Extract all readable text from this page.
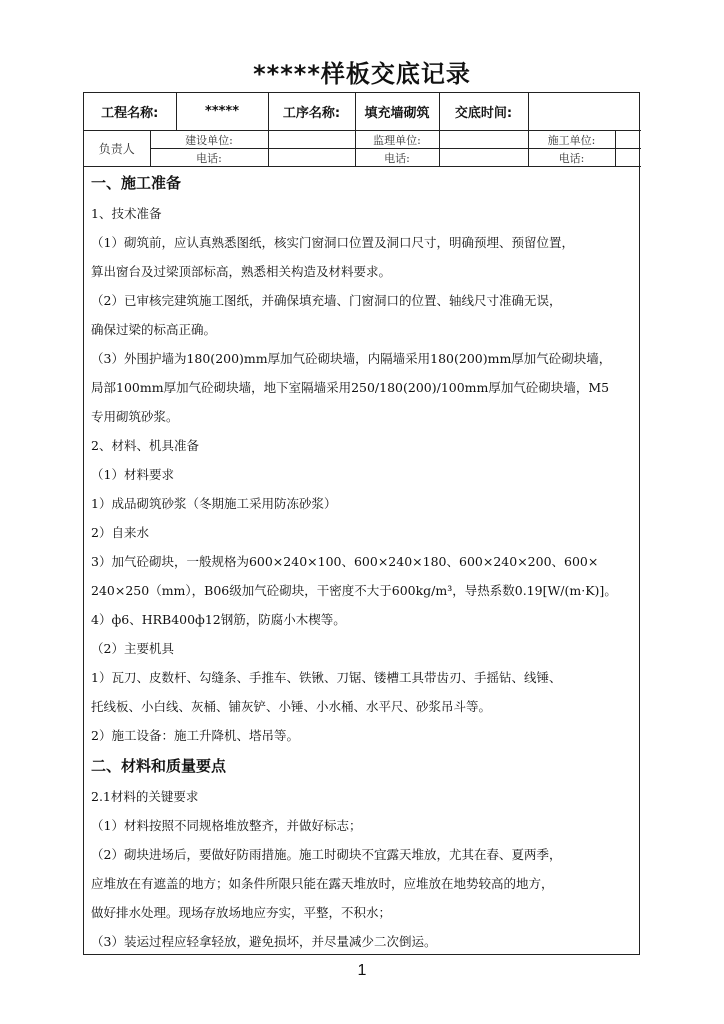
*****样板交底记录
工程名称:		*****	工序名称:	填充墙砌筑	交底时间:		
负责人	建设单位:			监理单位:		施工单位:	
	电话:			电话:		电话:	
一、施工准备
1、技术准备
（1）砌筑前，应认真熟悉图纸，核实门窗洞口位置及洞口尺寸，明确预埋、预留位置，
算出窗台及过梁顶部标高，熟悉相关构造及材料要求。
（2）已审核完建筑施工图纸，并确保填充墙、门窗洞口的位置、轴线尺寸准确无误，
确保过梁的标高正确。
（3）外围护墙为180(200)mm厚加气砼砌块墙，内隔墙采用180(200)mm厚加气砼砌块墙，
局部100mm厚加气砼砌块墙，地下室隔墙采用250/180(200)/100mm厚加气砼砌块墙，M5
专用砌筑砂浆。
2、材料、机具准备
（1）材料要求
1）成品砌筑砂浆（冬期施工采用防冻砂浆）
2）自来水
3）加气砼砌块，一般规格为600×240×100、600×240×180、600×240×200、600×
240×250（mm），B06级加气砼砌块，干密度不大于600kg/m³，导热系数0.19[W/(m·K)]。
4）ф6、HRB400ф12钢筋，防腐小木楔等。
（2）主要机具
1）瓦刀、皮数杆、勾缝条、手推车、铁锹、刀锯、镂槽工具带齿刃、手摇钻、线锤、
托线板、小白线、灰桶、铺灰铲、小锤、小水桶、水平尺、砂浆吊斗等。
2）施工设备：施工升降机、塔吊等。
二、材料和质量要点
2.1材料的关键要求
（1）材料按照不同规格堆放整齐，并做好标志；
（2）砌块进场后，要做好防雨措施。施工时砌块不宜露天堆放，尤其在春、夏两季，
应堆放在有遮盖的地方；如条件所限只能在露天堆放时，应堆放在地势较高的地方，
做好排水处理。现场存放场地应夯实，平整，不积水；
（3）装运过程应轻拿轻放，避免损坏，并尽量减少二次倒运。
1
